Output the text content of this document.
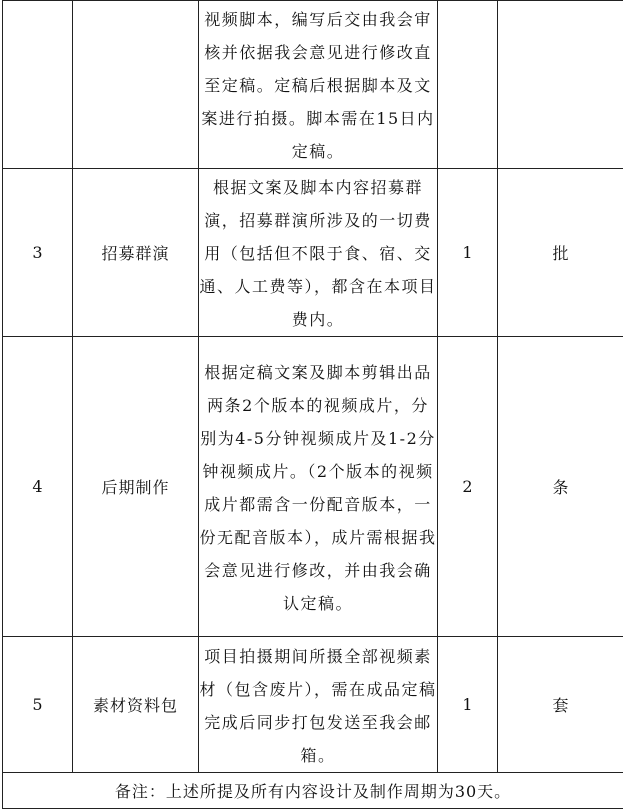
		视频脚本，编写后交由我会审核并依据我会意见进行修改直至定稿。定稿后根据脚本及文案进行拍摄。脚本需在15日内定稿。		

3	招募群演	根据文案及脚本内容招募群演，招募群演所涉及的一切费用（包括但不限于食、宿、交通、人工费等），都含在本项目费内。	1	批
4	后期制作	根据定稿文案及脚本剪辑出品两条2个版本的视频成片，分别为4-5分钟视频成片及1-2分钟视频成片。（2个版本的视频成片都需含一份配音版本，一份无配音版本），成片需根据我会意见进行修改，并由我会确认定稿。	2	条
5	素材资料包	项目拍摄期间所摄全部视频素材（包含废片），需在成品定稿完成后同步打包发送至我会邮箱。	1	套
备注：上述所提及所有内容设计及制作周期为30天。				
